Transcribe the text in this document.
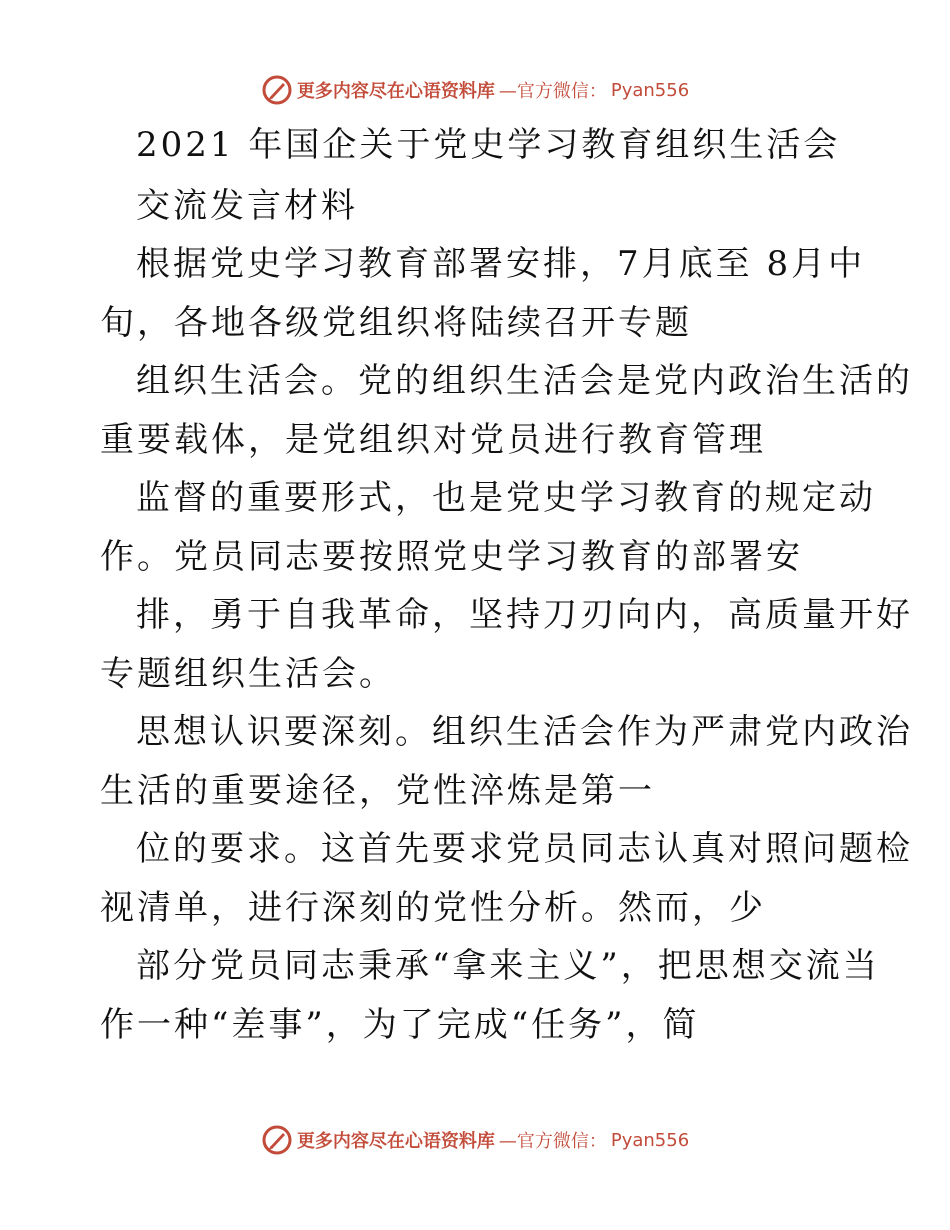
更多内容尽在心语资料库 —官方微信： Pyan556
2021 年国企关于党史学习教育组织生活会
交流发言材料
根据党史学习教育部署安排，7月底至 8月中
旬，各地各级党组织将陆续召开专题
组织生活会。党的组织生活会是党内政治生活的
重要载体，是党组织对党员进行教育管理
监督的重要形式，也是党史学习教育的规定动
作。党员同志要按照党史学习教育的部署安
排，勇于自我革命，坚持刀刃向内，高质量开好
专题组织生活会。
思想认识要深刻。组织生活会作为严肃党内政治
生活的重要途径，党性淬炼是第一
位的要求。这首先要求党员同志认真对照问题检
视清单，进行深刻的党性分析。然而，少
部分党员同志秉承“拿来主义”，把思想交流当
作一种“差事”，为了完成“任务”，简
更多内容尽在心语资料库 —官方微信： Pyan556
